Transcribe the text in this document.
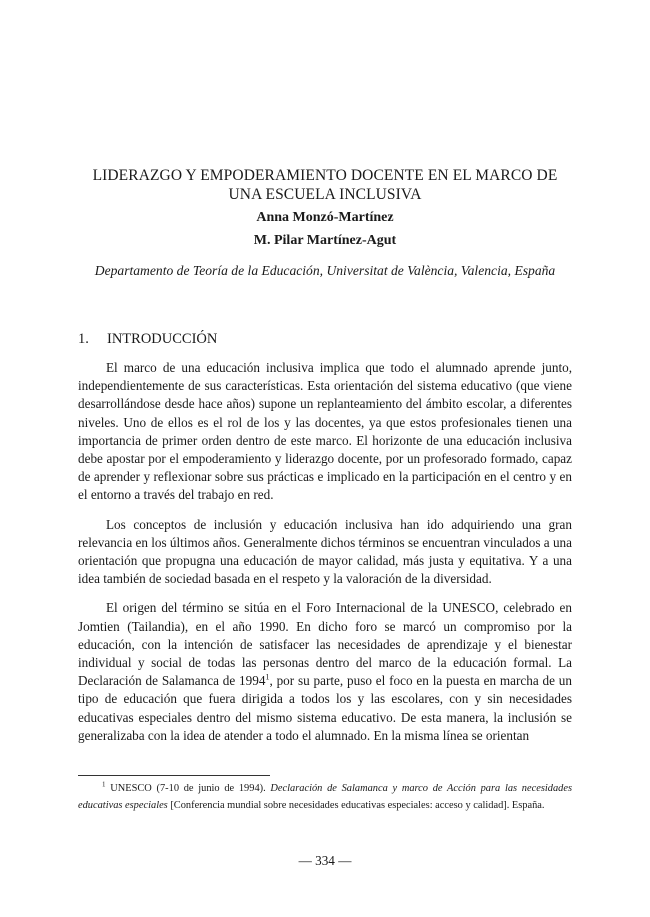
LIDERAZGO Y EMPODERAMIENTO DOCENTE EN EL MARCO DE
UNA ESCUELA INCLUSIVA
Anna Monzó-Martínez
M. Pilar Martínez-Agut
Departamento de Teoría de la Educación, Universitat de València, Valencia, España
1. INTRODUCCIÓN

El marco de una educación inclusiva implica que todo el alumnado aprende junto, independientemente de sus características. Esta orientación del sistema educativo (que viene desarrollándose desde hace años) supone un replanteamiento del ámbito escolar, a diferentes niveles. Uno de ellos es el rol de los y las docentes, ya que estos profesionales tienen una importancia de primer orden dentro de este marco. El horizonte de una educación inclusiva debe apostar por el empoderamiento y liderazgo docente, por un profesorado formado, capaz de aprender y reflexionar sobre sus prácticas e implicado en la participación en el centro y en el entorno a través del trabajo en red.

Los conceptos de inclusión y educación inclusiva han ido adquiriendo una gran relevancia en los últimos años. Generalmente dichos términos se encuentran vinculados a una orientación que propugna una educación de mayor calidad, más justa y equitativa. Y a una idea también de sociedad basada en el respeto y la valoración de la diversidad.

El origen del término se sitúa en el Foro Internacional de la UNESCO, celebrado en Jomtien (Tailandia), en el año 1990. En dicho foro se marcó un compromiso por la educación, con la intención de satisfacer las necesidades de aprendizaje y el bienestar individual y social de todas las personas dentro del marco de la educación formal. La Declaración de Salamanca de 1994$^1$, por su parte, puso el foco en la puesta en marcha de un tipo de educación que fuera dirigida a todos los y las escolares, con y sin necesidades educativas especiales dentro del mismo sistema educativo. De esta manera, la inclusión se generalizaba con la idea de atender a todo el alumnado. En la misma línea se orientan

$^1$ UNESCO (7-10 de junio de 1994). Declaración de Salamanca y marco de Acción para las necesidades educativas especiales [Conferencia mundial sobre necesidades educativas especiales: acceso y calidad]. España.
— 334 —
